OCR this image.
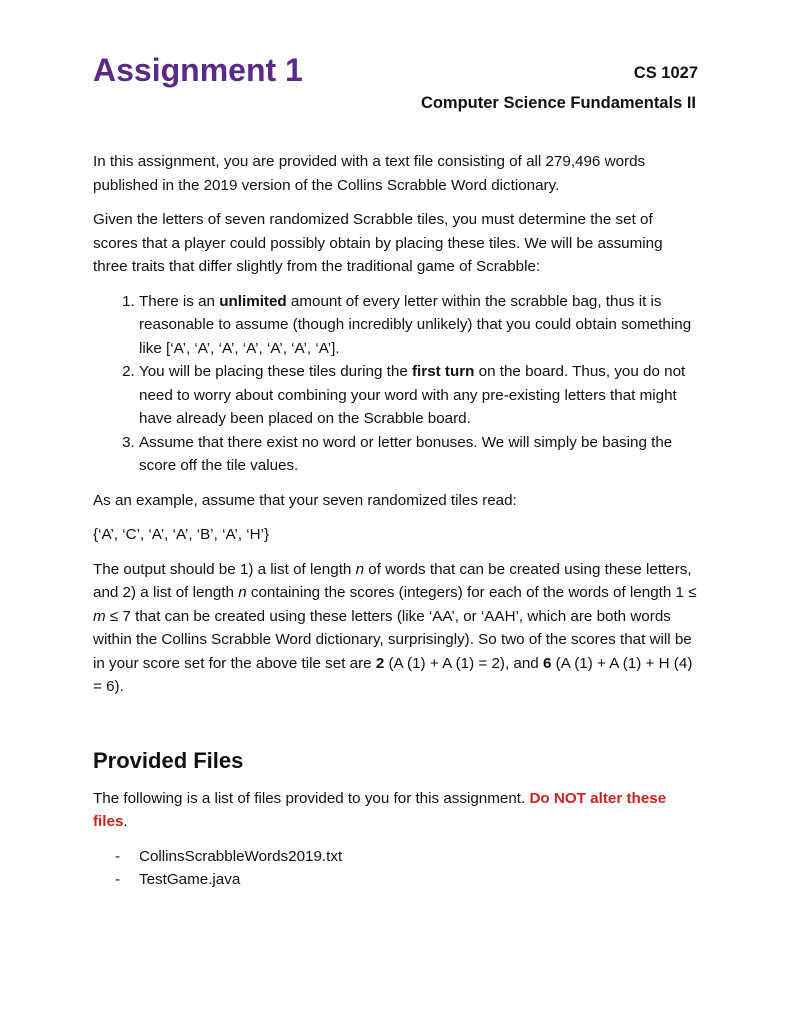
Assignment 1	CS 1027
Computer Science Fundamentals II

In this assignment, you are provided with a text file consisting of all 279,496 words published in the 2019 version of the Collins Scrabble Word dictionary.

Given the letters of seven randomized Scrabble tiles, you must determine the set of scores that a player could possibly obtain by placing these tiles. We will be assuming three traits that differ slightly from the traditional game of Scrabble:

1. There is an unlimited amount of every letter within the scrabble bag, thus it is reasonable to assume (though incredibly unlikely) that you could obtain something like [‘A’, ‘A’, ‘A’, ‘A’, ‘A’, ‘A’, ‘A’].
2. You will be placing these tiles during the first turn on the board. Thus, you do not need to worry about combining your word with any pre-existing letters that might have already been placed on the Scrabble board.
3. Assume that there exist no word or letter bonuses. We will simply be basing the score off the tile values.

As an example, assume that your seven randomized tiles read:

{‘A’, ‘C’, ‘A’, ‘A’, ‘B’, ‘A’, ‘H’}

The output should be 1) a list of length n of words that can be created using these letters, and 2) a list of length n containing the scores (integers) for each of the words of length 1 ≤ m ≤ 7 that can be created using these letters (like ‘AA’, or ‘AAH’, which are both words within the Collins Scrabble Word dictionary, surprisingly). So two of the scores that will be in your score set for the above tile set are 2 (A (1) + A (1) = 2), and 6 (A (1) + A (1) + H (4) = 6).

Provided Files

The following is a list of files provided to you for this assignment. Do NOT alter these files.

- CollinsScrabbleWords2019.txt
- TestGame.java
